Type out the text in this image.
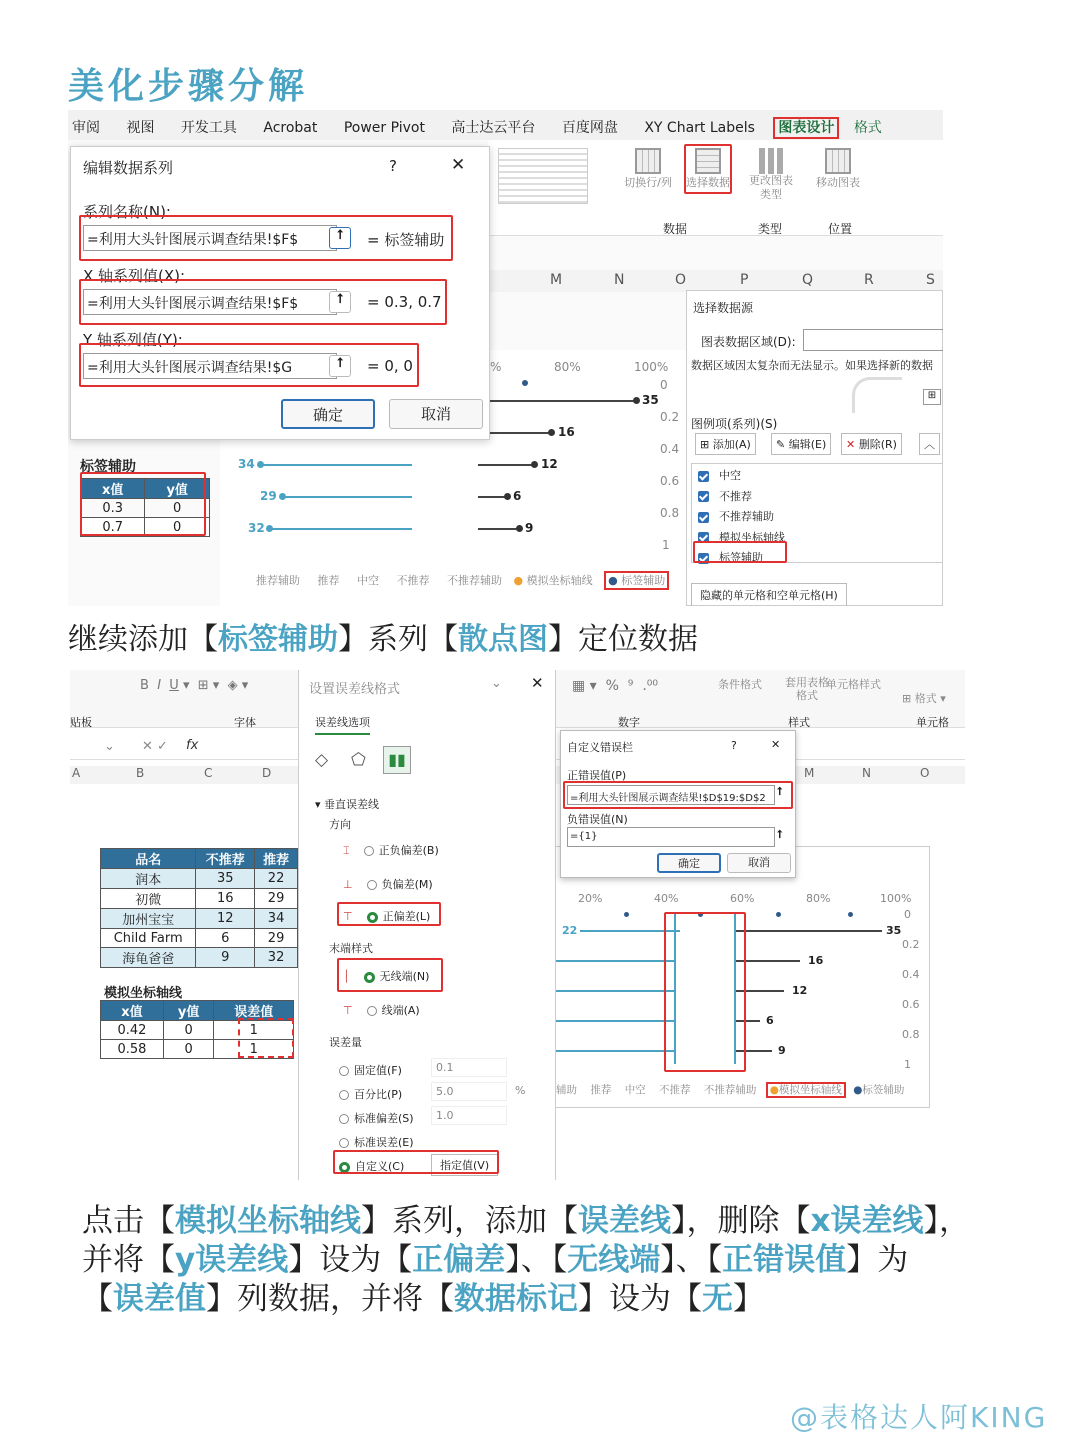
美化步骤分解
审阅 视图 开发工具 Acrobat Power Pivot 高士达云平台 百度网盘 XY Chart Labels 图表设计 格式
切换行/列 选择数据 更改图表类型
移动图表
数据	类型	位置
M	N	O	P	Q	R	S
%	80%	100%
0
0.2
0.4
0.6
0.8
1
35
16
12
6
9
34
29
32
推荐辅助 推荐 中空 不推荐 不推荐辅助 ● 模拟坐标轴线 ● 标签辅助
标签辅助
x值	y值
0.3	0
0.7	0
编辑数据系列	?	✕
系列名称(N):
=利用大头针图展示调查结果!$F$	⭡	= 标签辅助
X 轴系列值(X):
=利用大头针图展示调查结果!$F$	⭡	= 0.3, 0.7
Y 轴系列值(Y):
=利用大头针图展示调查结果!$G	⭡	= 0, 0
确定	取消
选择数据源
图表数据区域(D):
数据区域因太复杂而无法显示。如果选择新的数据
⊞
图例项(系列)(S)
⊞ 添加(A)	✎ 编辑(E)	✕ 删除(R)	︿
中空
不推荐
不推荐辅助
模拟坐标轴线
标签辅助
隐藏的单元格和空单元格(H)
继续添加【标签辅助】系列【散点图】定位数据
贴板
B I U ▾  ⊞ ▾  ◈ ▾
字体	数字
▦ ▾  %  ⁹  .⁰⁰	条件格式 套用表格格式
单元格样式
样式
⊞ 格式 ▾
单元格
⌄ ✕ ✓ fx
A	B	C	D	M	N	O
品名	不推荐	推荐
润本	35	22
初微	16	29
加州宝宝	12	34
Child Farm	6	29
海龟爸爸	9	32
模拟坐标轴线
x值	y值	误差值
0.42	0	1
0.58	0	1
设置误差线格式	⌄ ✕
误差线选项
◇ ⬠	▮▮
▾ 垂直误差线
方向
⌶	正负偏差(B)
⊥	负偏差(M)
⊤	正偏差(L)
末端样式
│	无线端(N)
⊤	线端(A)
误差量
固定值(F)	0.1
百分比(P)	5.0	%
标准偏差(S)	1.0
标准误差(E)
自定义(C)	指定值(V)
20%	40%	60%	80%	100%
0
0.2
0.4
0.6
0.8
1
22	35
16
12
6
9
辅助 推荐 中空 不推荐 不推荐辅助 ●模拟坐标轴线 ●标签辅助
自定义错误栏	?	✕
正错误值(P)
=利用大头针图展示调查结果!$D$19:$D$2
⭡
负错误值(N)
={1}	⭡
确定	取消
点击【模拟坐标轴线】系列，添加【误差线】，删除【x误差线】，
并将【y误差线】设为【正偏差】、【无线端】、【正错误值】为
【误差值】列数据，并将【数据标记】设为【无】
@表格达人阿KING
